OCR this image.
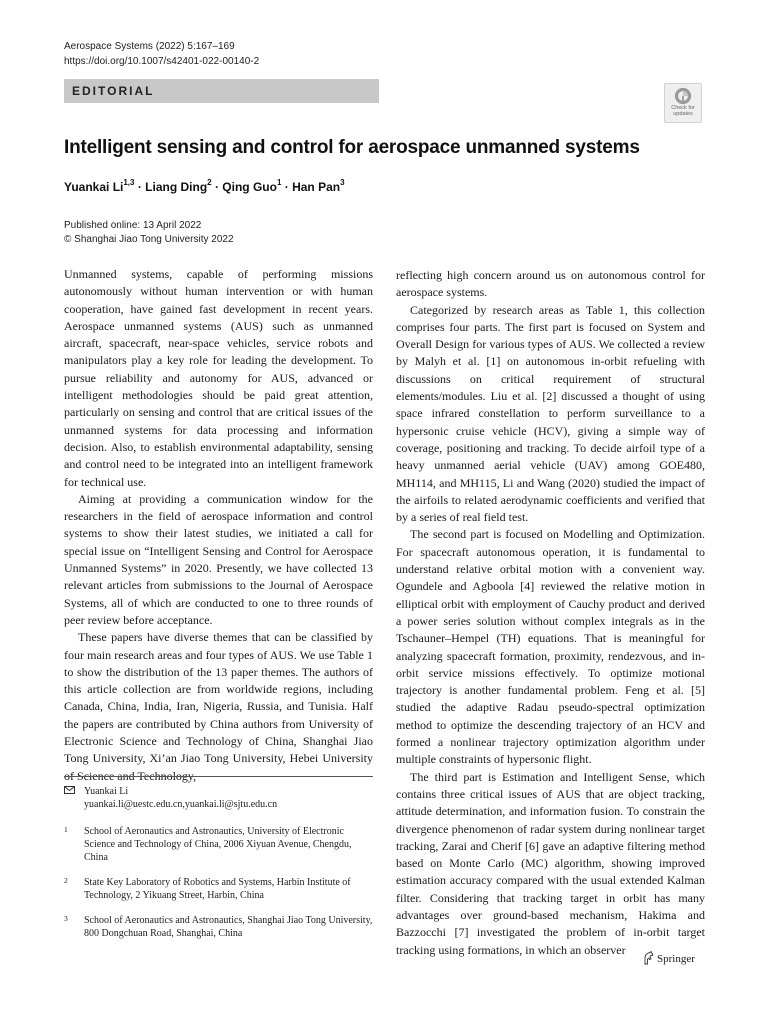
Aerospace Systems (2022) 5:167–169
https://doi.org/10.1007/s42401-022-00140-2
EDITORIAL
Check for
updates
Intelligent sensing and control for aerospace unmanned systems
Yuankai Li$^{1,3}$ · Liang Ding$^2$ · Qing Guo$^1$ · Han Pan$^3$
Published online: 13 April 2022
© Shanghai Jiao Tong University 2022

Unmanned systems, capable of performing missions autonomously without human intervention or with human cooperation, have gained fast development in recent years. Aerospace unmanned systems (AUS) such as unmanned aircraft, spacecraft, near-space vehicles, service robots and manipulators play a key role for leading the development. To pursue reliability and autonomy for AUS, advanced or intelligent methodologies should be paid great attention, particularly on sensing and control that are critical issues of the unmanned systems for data processing and information decision. Also, to establish environmental adaptability, sensing and control need to be integrated into an intelligent framework for technical use.

Aiming at providing a communication window for the researchers in the field of aerospace information and control systems to show their latest studies, we initiated a call for special issue on “Intelligent Sensing and Control for Aerospace Unmanned Systems” in 2020. Presently, we have collected 13 relevant articles from submissions to the Journal of Aerospace Systems, all of which are conducted to one to three rounds of peer review before acceptance.

These papers have diverse themes that can be classified by four main research areas and four types of AUS. We use Table 1 to show the distribution of the 13 paper themes. The authors of this article collection are from worldwide regions, including Canada, China, India, Iran, Nigeria, Russia, and Tunisia. Half the papers are contributed by China authors from University of Electronic Science and Technology of China, Shanghai Jiao Tong University, Xi’an Jiao Tong University, Hebei University of Science and Technology,

reflecting high concern around us on autonomous control for aerospace systems.

Categorized by research areas as Table 1, this collection comprises four parts. The first part is focused on System and Overall Design for various types of AUS. We collected a review by Malyh et al. [1] on autonomous in-orbit refueling with discussions on critical requirement of structural elements/modules. Liu et al. [2] discussed a thought of using space infrared constellation to perform surveillance to a hypersonic cruise vehicle (HCV), giving a simple way of coverage, positioning and tracking. To decide airfoil type of a heavy unmanned aerial vehicle (UAV) among GOE480, MH114, and MH115, Li and Wang (2020) studied the impact of the airfoils to related aerodynamic coefficients and verified that by a series of real field test.

The second part is focused on Modelling and Optimization. For spacecraft autonomous operation, it is fundamental to understand relative orbital motion with a convenient way. Ogundele and Agboola [4] reviewed the relative motion in elliptical orbit with employment of Cauchy product and derived a power series solution without complex integrals as in the Tschauner–Hempel (TH) equations. That is meaningful for analyzing spacecraft formation, proximity, rendezvous, and in-orbit service missions effectively. To optimize motional trajectory is another fundamental problem. Feng et al. [5] studied the adaptive Radau pseudo-spectral optimization method to optimize the descending trajectory of an HCV and formed a nonlinear trajectory optimization algorithm under multiple constraints of hypersonic flight.

The third part is Estimation and Intelligent Sense, which contains three critical issues of AUS that are object tracking, attitude determination, and information fusion. To constrain the divergence phenomenon of radar system during nonlinear target tracking, Zarai and Cherif [6] gave an adaptive filtering method based on Monte Carlo (MC) algorithm, showing improved estimation accuracy compared with the usual extended Kalman filter. Considering that tracking target in orbit has many advantages over ground-based mechanism, Hakima and Bazzocchi [7] investigated the problem of in-orbit target tracking using formations, in which an observer

Yuankai Li
yuankai.li@uestc.edu.cn,yuankai.li@sjtu.edu.cn
1 School of Aeronautics and Astronautics, University of Electronic Science and Technology of China, 2006 Xiyuan Avenue, Chengdu, China
2 State Key Laboratory of Robotics and Systems, Harbin Institute of Technology, 2 Yikuang Street, Harbin, China
3 School of Aeronautics and Astronautics, Shanghai Jiao Tong University, 800 Dongchuan Road, Shanghai, China
Springer
